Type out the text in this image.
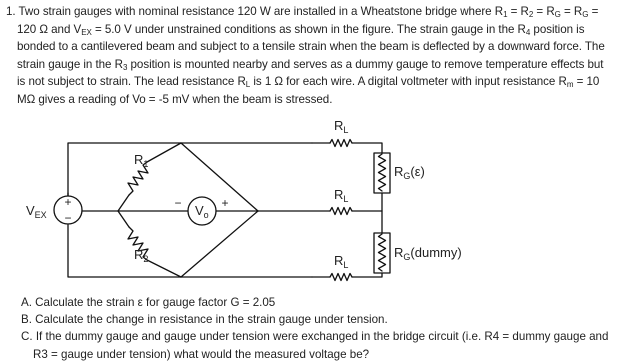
1. Two strain gauges with nominal resistance 120 W are installed in a Wheatstone bridge where $R_1 = R_2 = R_G = R_G$ =

120 Ω and $V_{EX} = 5.0$ V under unstrained conditions as shown in the figure. The strain gauge in the $R_4$ position is

bonded to a cantilevered beam and subject to a tensile strain when the beam is deflected by a downward force. The

strain gauge in the $R_3$ position is mounted nearby and serves as a dummy gauge to remove temperature effects but

is not subject to strain. The lead resistance $R_L$ is 1 Ω for each wire. A digital voltmeter with input resistance $R_m = 10$

MΩ gives a reading of Vo = -5 mV when the beam is stressed.

+
−
$V_{EX}$	$V_o$
−	+
$R_1$
$R_2$
$R_L$
$R_L$
$R_L$
$R_G(\varepsilon)$
$R_G(dummy)$

A. Calculate the strain ε for gauge factor G = 2.05

B. Calculate the change in resistance in the strain gauge under tension.

C. If the dummy gauge and gauge under tension were exchanged in the bridge circuit (i.e. R4 = dummy gauge and

R3 = gauge under tension) what would the measured voltage be?
